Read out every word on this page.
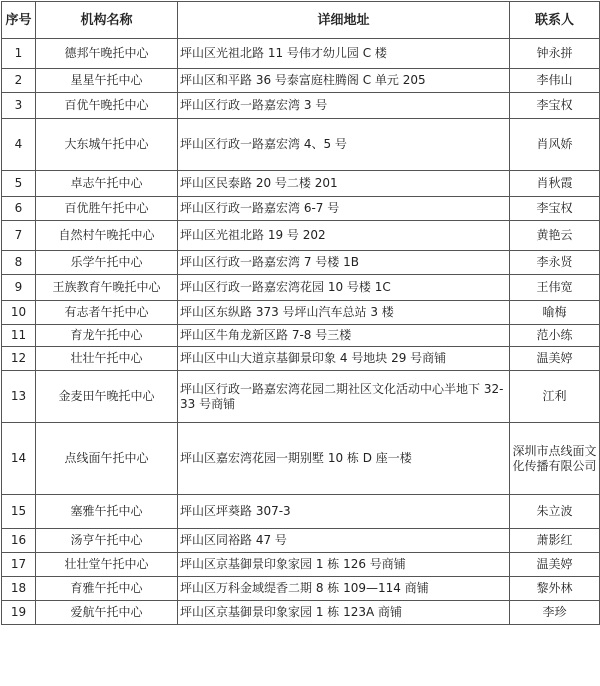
序号	机构名称	详细地址	联系人
1	德邦午晚托中心	坪山区光祖北路 11 号伟才幼儿园 C 楼	钟永拼
2	星星午托中心	坪山区和平路 36 号泰富庭柱腾阁 C 单元 205	李伟山
3	百优午晚托中心	坪山区行政一路嘉宏湾 3 号	李宝权
4	大东城午托中心	坪山区行政一路嘉宏湾 4、5 号	肖风娇
5	卓志午托中心	坪山区民泰路 20 号二楼 201	肖秋霞
6	百优胜午托中心	坪山区行政一路嘉宏湾 6-7 号	李宝权
7	自然村午晚托中心	坪山区光祖北路 19 号 202	黄艳云
8	乐学午托中心	坪山区行政一路嘉宏湾 7 号楼 1B	李永贤
9	王族教育午晚托中心	坪山区行政一路嘉宏湾花园 10 号楼 1C	王伟宽
10	有志者午托中心	坪山区东纵路 373 号坪山汽车总站 3 楼	喻梅
11	育龙午托中心	坪山区牛角龙新区路 7-8 号三楼	范小练
12	壮壮午托中心	坪山区中山大道京基御景印象 4 号地块 29 号商铺	温美婷
13	金麦田午晚托中心	坪山区行政一路嘉宏湾花园二期社区文化活动中心半地下 32-33 号商铺	江利
14	点线面午托中心	坪山区嘉宏湾花园一期别墅 10 栋 D 座一楼	深圳市点线面文化传播有限公司
15	塞雅午托中心	坪山区坪葵路 307-3	朱立波
16	汤亨午托中心	坪山区同裕路 47 号	萧影红
17	壮壮堂午托中心	坪山区京基御景印象家园 1 栋 126 号商铺	温美婷
18	育雅午托中心	坪山区万科金域缇香二期 8 栋 109—114 商铺	黎外林
19	爱航午托中心	坪山区京基御景印象家园 1 栋 123A 商铺	李珍
